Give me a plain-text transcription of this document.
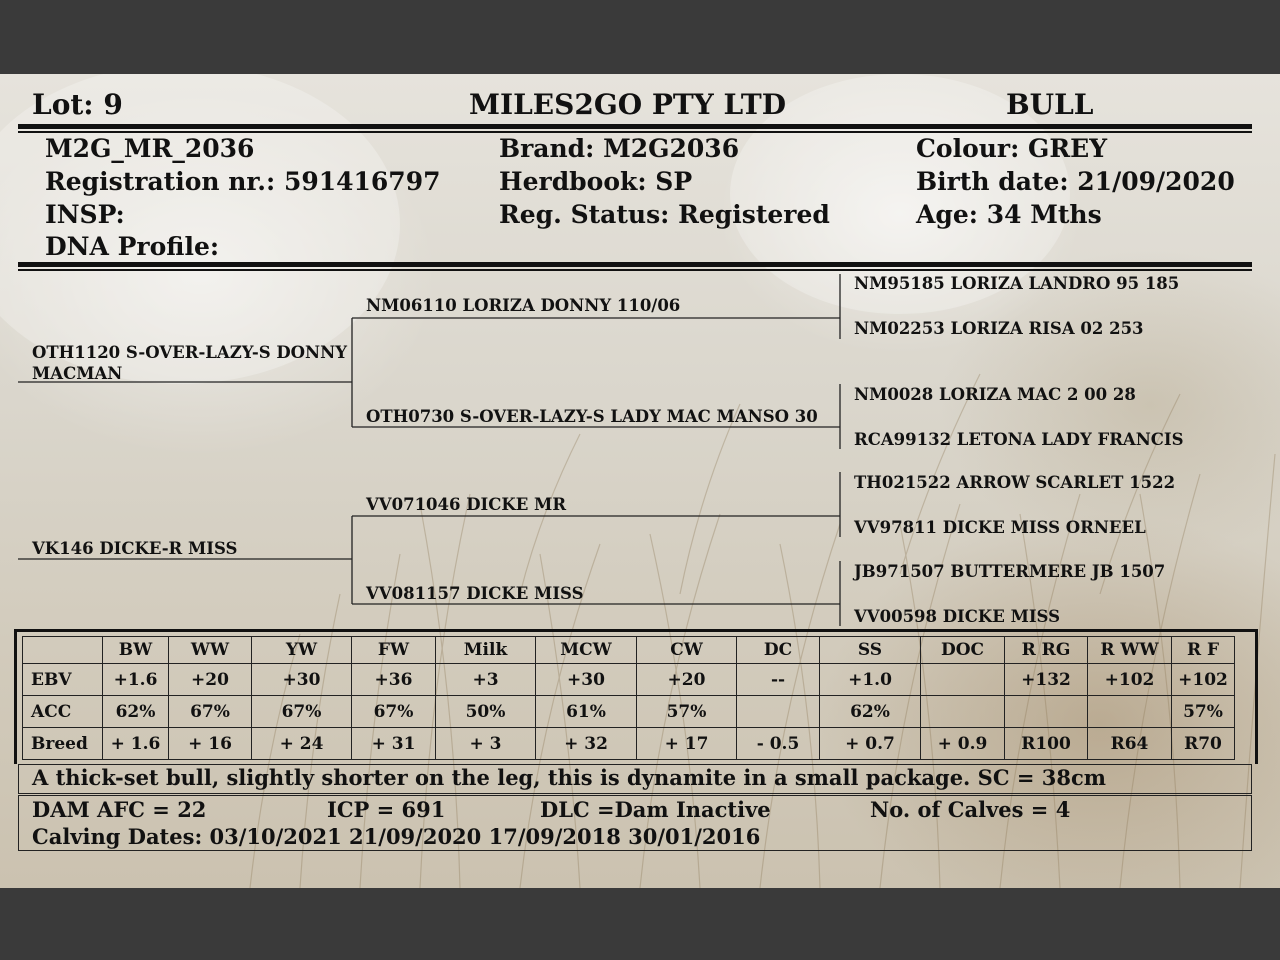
Lot: 9	MILES2GO PTY LTD	BULL
M2G_MR_2036
Registration nr.: 591416797
INSP:
DNA Profile:
Brand: M2G2036
Herdbook: SP
Reg. Status: Registered
Colour: GREY
Birth date: 21/09/2020
Age: 34 Mths
OTH1120 S-OVER-LAZY-S DONNY MACMAN
VK146 DICKE-R MISS
NM06110 LORIZA DONNY 110/06
OTH0730 S-OVER-LAZY-S LADY MAC MANSO 30
VV071046 DICKE MR
VV081157 DICKE MISS
NM95185 LORIZA LANDRO 95 185
NM02253 LORIZA RISA 02 253
NM0028 LORIZA MAC 2 00 28
RCA99132 LETONA LADY FRANCIS
TH021522 ARROW SCARLET 1522
VV97811 DICKE MISS ORNEEL
JB971507 BUTTERMERE JB 1507
VV00598 DICKE MISS
	BW	WW	YW	FW	Milk	MCW	CW	DC	SS	DOC	R RG	R WW	R F
EBV	+1.6	+20	+30	+36	+3	+30	+20	--	+1.0		+132	+102	+102
ACC	62%	67%	67%	67%	50%	61%	57%		62%				57%
Breed	+ 1.6	+ 16	+ 24	+ 31	+ 3	+ 32	+ 17	- 0.5	+ 0.7	+ 0.9	R100	R64	R70
A thick-set bull, slightly shorter on the leg, this is dynamite in a small package. SC = 38cm
DAM AFC = 22	ICP = 691	DLC =Dam Inactive	No. of Calves = 4
Calving Dates: 03/10/2021 21/09/2020 17/09/2018 30/01/2016
